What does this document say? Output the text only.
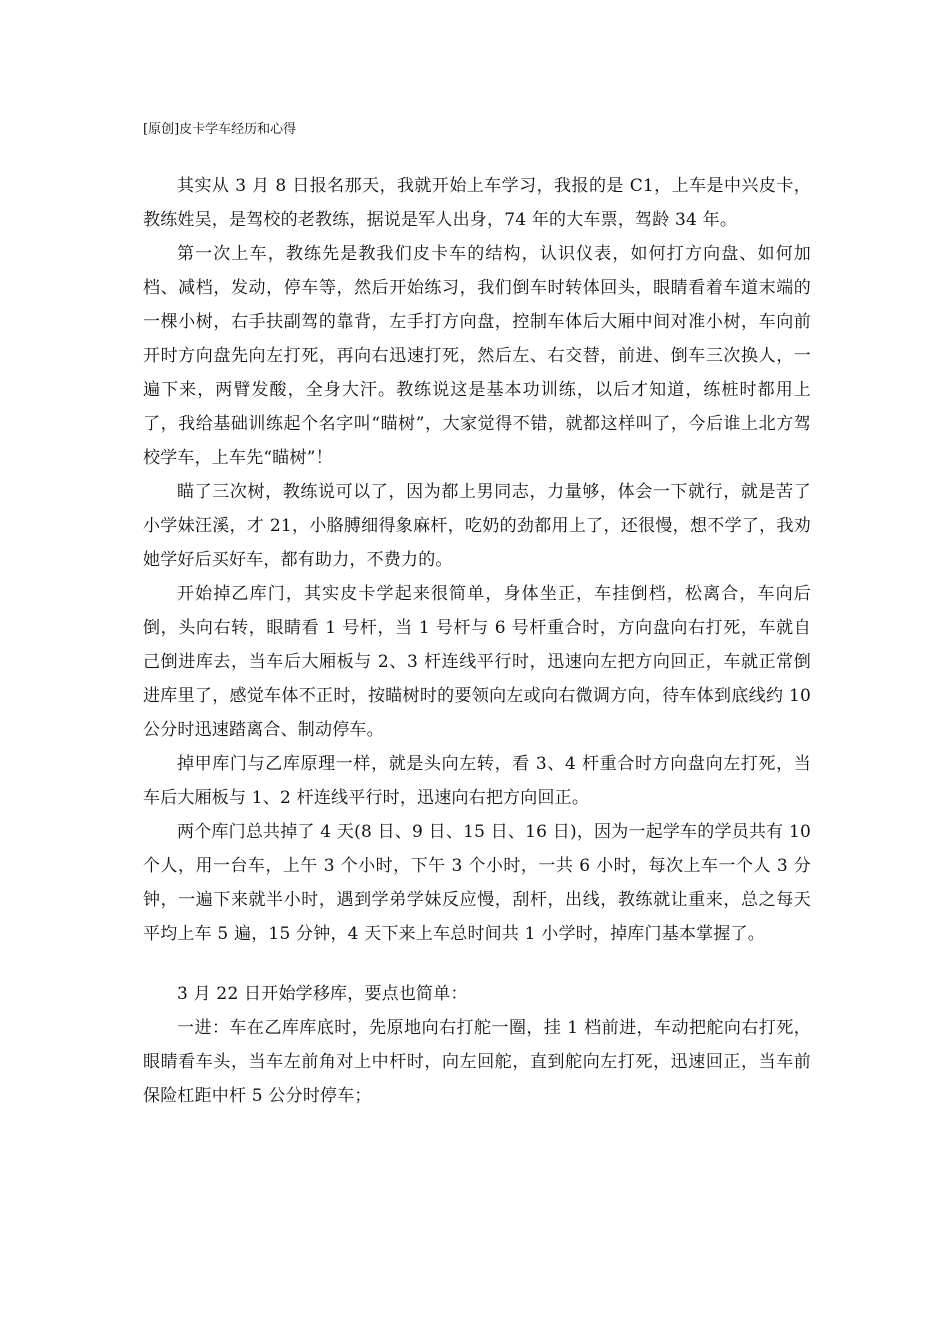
[原创]皮卡学车经历和心得

其实从 3 月 8 日报名那天，我就开始上车学习，我报的是 C1，上车是中兴皮卡，教练姓吴，是驾校的老教练，据说是军人出身，74 年的大车票，驾龄 34 年。

第一次上车，教练先是教我们皮卡车的结构，认识仪表，如何打方向盘、如何加档、减档，发动，停车等，然后开始练习，我们倒车时转体回头，眼睛看着车道末端的一棵小树，右手扶副驾的靠背，左手打方向盘，控制车体后大厢中间对准小树，车向前开时方向盘先向左打死，再向右迅速打死，然后左、右交替，前进、倒车三次换人，一遍下来，两臂发酸，全身大汗。教练说这是基本功训练，以后才知道，练桩时都用上了，我给基础训练起个名字叫“瞄树”，大家觉得不错，就都这样叫了，今后谁上北方驾校学车，上车先“瞄树”！

瞄了三次树，教练说可以了，因为都上男同志，力量够，体会一下就行，就是苦了小学妹汪溪，才 21，小胳膊细得象麻杆，吃奶的劲都用上了，还很慢，想不学了，我劝她学好后买好车，都有助力，不费力的。

开始掉乙库门，其实皮卡学起来很简单，身体坐正，车挂倒档，松离合，车向后倒，头向右转，眼睛看 1 号杆，当 1 号杆与 6 号杆重合时，方向盘向右打死，车就自己倒进库去，当车后大厢板与 2、3 杆连线平行时，迅速向左把方向回正，车就正常倒进库里了，感觉车体不正时，按瞄树时的要领向左或向右微调方向，待车体到底线约 10 公分时迅速踏离合、制动停车。

掉甲库门与乙库原理一样，就是头向左转，看 3、4 杆重合时方向盘向左打死，当车后大厢板与 1、2 杆连线平行时，迅速向右把方向回正。

两个库门总共掉了 4 天(8 日、9 日、15 日、16 日)，因为一起学车的学员共有 10 个人，用一台车，上午 3 个小时，下午 3 个小时，一共 6 小时，每次上车一个人 3 分钟，一遍下来就半小时，遇到学弟学妹反应慢，刮杆，出线，教练就让重来，总之每天平均上车 5 遍，15 分钟，4 天下来上车总时间共 1 小学时，掉库门基本掌握了。

3 月 22 日开始学移库，要点也简单：

一进：车在乙库库底时，先原地向右打舵一圈，挂 1 档前进，车动把舵向右打死，眼睛看车头，当车左前角对上中杆时，向左回舵，直到舵向左打死，迅速回正，当车前保险杠距中杆 5 公分时停车；
